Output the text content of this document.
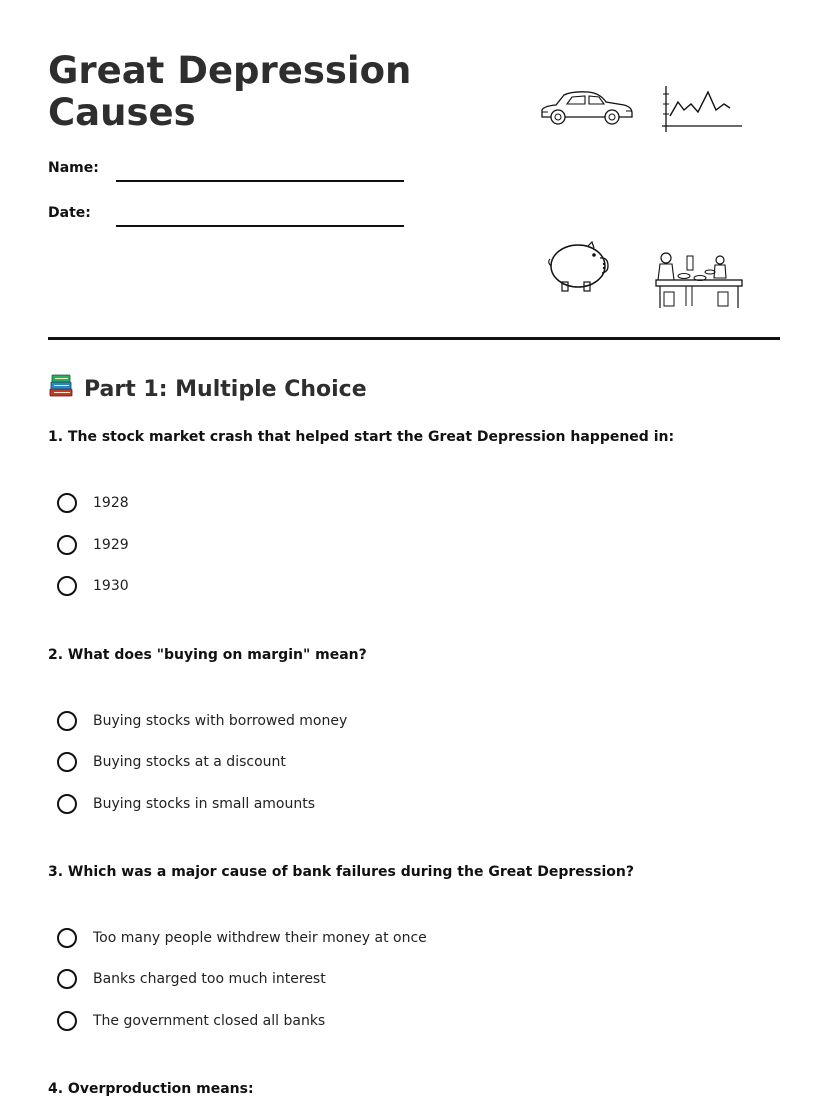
Great Depression Causes
Name:
Date:
Part 1: Multiple Choice
1. The stock market crash that helped start the Great Depression happened in:
1928
1929
1930
2. What does "buying on margin" mean?
Buying stocks with borrowed money
Buying stocks at a discount
Buying stocks in small amounts
3. Which was a major cause of bank failures during the Great Depression?
Too many people withdrew their money at once
Banks charged too much interest
The government closed all banks
4. Overproduction means:
